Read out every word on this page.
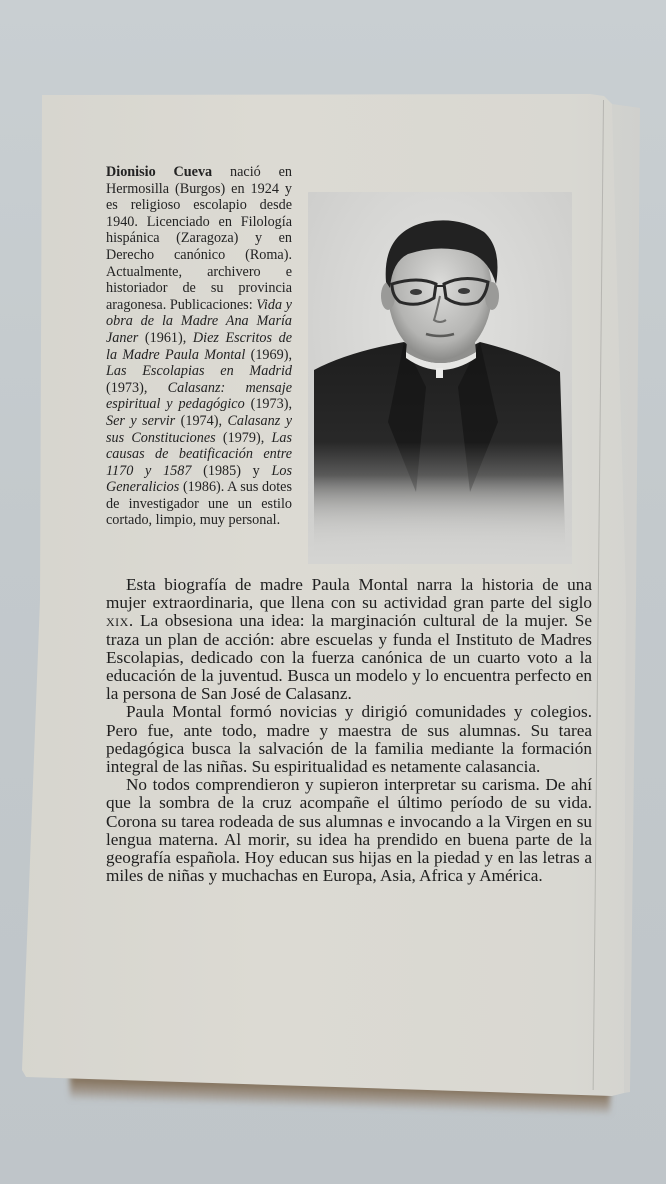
Dionisio Cueva nació en Hermosilla (Burgos) en 1924 y es religioso escolapio desde 1940. Licenciado en Filología hispánica (Zaragoza) y en Derecho canónico (Roma). Actualmente, archivero e historiador de su provincia aragonesa. Publicaciones: Vida y obra de la Madre Ana María Janer (1961), Diez Escritos de la Madre Paula Montal (1969), Las Escolapias en Madrid (1973), Calasanz: mensaje espiritual y pedagógico (1973), Ser y servir (1974), Calasanz y sus Constituciones (1979), Las causas de beatificación entre 1170 y 1587 (1985) y Los Generalicios (1986). A sus dotes de investigador une un estilo cortado, limpio, muy personal.

Esta biografía de madre Paula Montal narra la historia de una mujer extraordinaria, que llena con su actividad gran parte del siglo xix. La obsesiona una idea: la marginación cultural de la mujer. Se traza un plan de acción: abre escuelas y funda el Instituto de Madres Escolapias, dedicado con la fuerza canónica de un cuarto voto a la educación de la juventud. Busca un modelo y lo encuentra perfecto en la persona de San José de Calasanz.

Paula Montal formó novicias y dirigió comunidades y colegios. Pero fue, ante todo, madre y maestra de sus alumnas. Su tarea pedagógica busca la salvación de la familia mediante la formación integral de las niñas. Su espiritualidad es netamente calasancia.

No todos comprendieron y supieron interpretar su carisma. De ahí que la sombra de la cruz acompañe el último período de su vida. Corona su tarea rodeada de sus alumnas e invocando a la Virgen en su lengua materna. Al morir, su idea ha prendido en buena parte de la geografía española. Hoy educan sus hijas en la piedad y en las letras a miles de niñas y muchachas en Europa, Asia, Africa y América.
